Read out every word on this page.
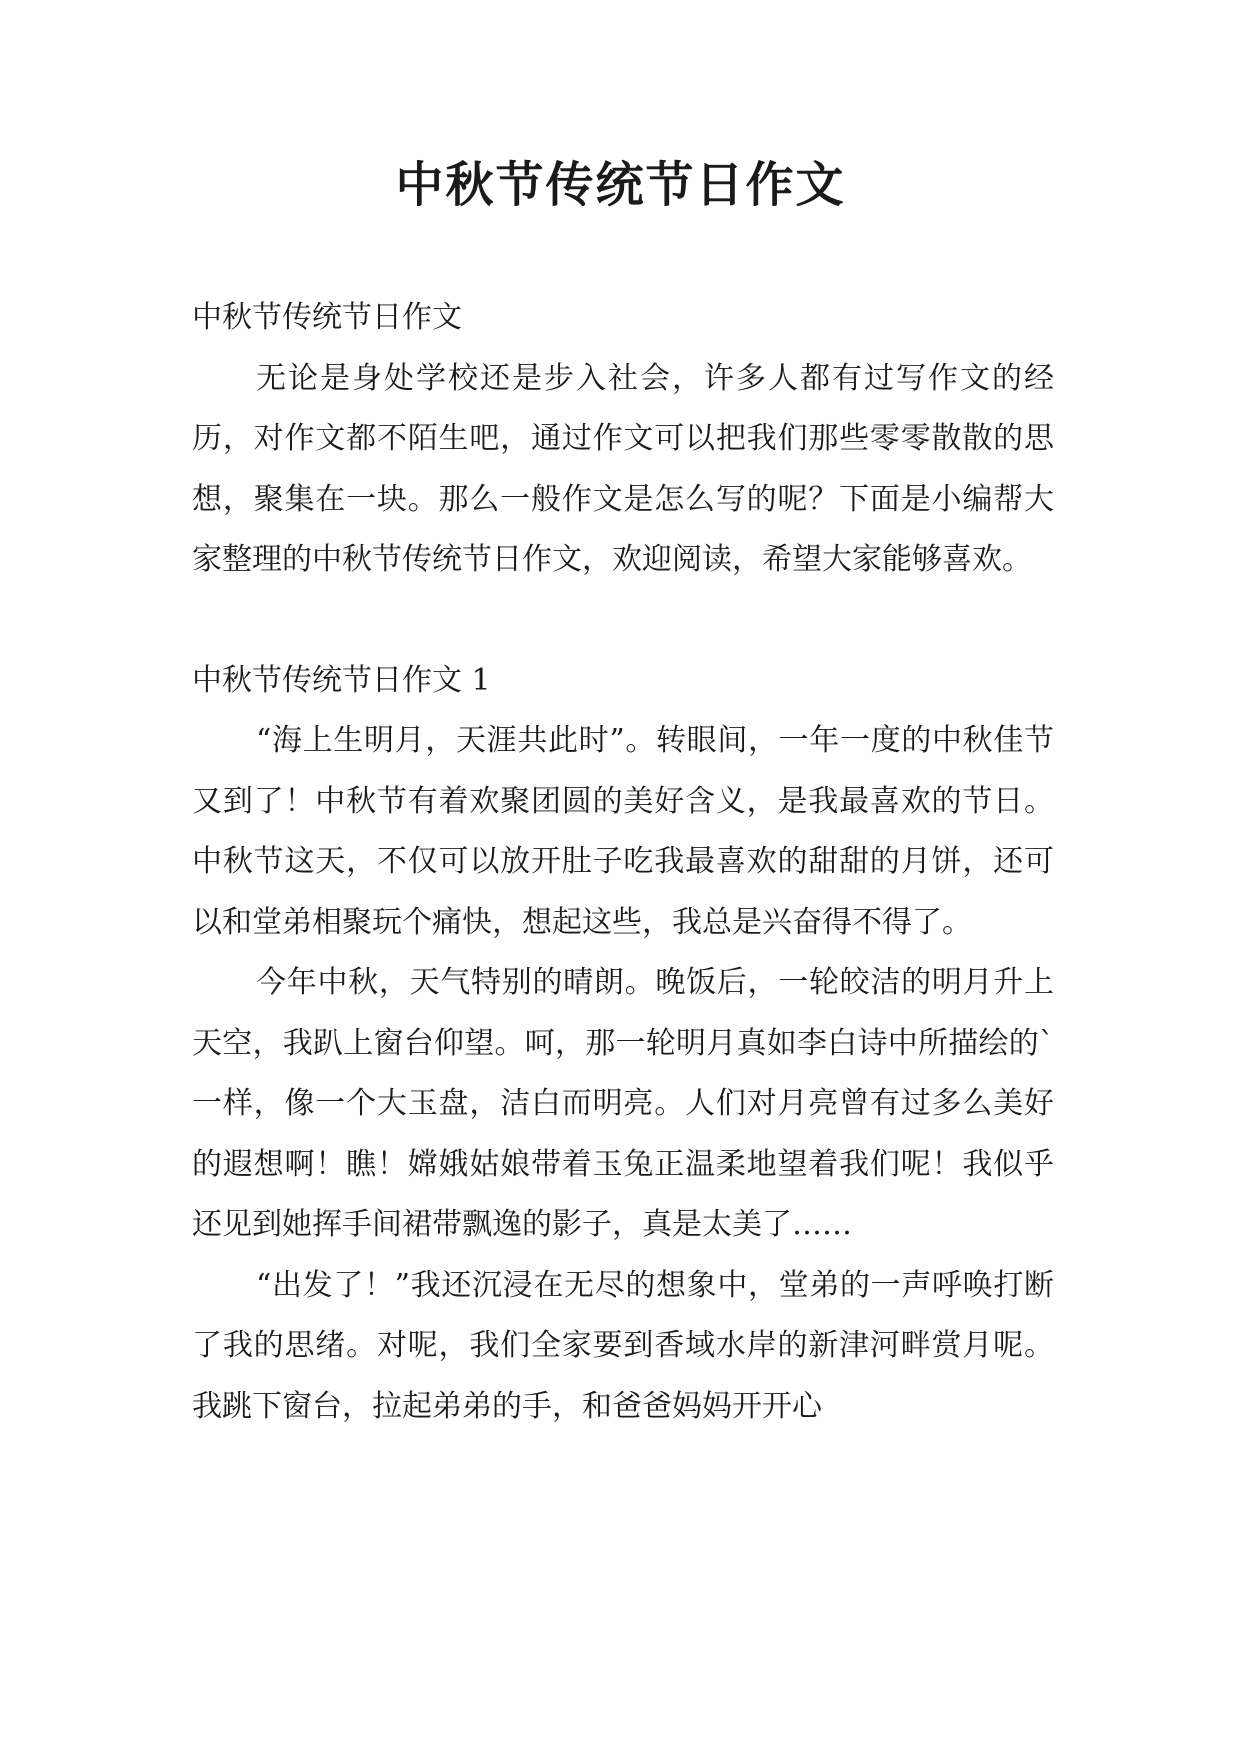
中秋节传统节日作文

中秋节传统节日作文

无论是身处学校还是步入社会，许多人都有过写作文的经历，对作文都不陌生吧，通过作文可以把我们那些零零散散的思想，聚集在一块。那么一般作文是怎么写的呢？下面是小编帮大家整理的中秋节传统节日作文，欢迎阅读，希望大家能够喜欢。

中秋节传统节日作文 1

“海上生明月，天涯共此时”。转眼间，一年一度的中秋佳节又到了！中秋节有着欢聚团圆的美好含义，是我最喜欢的节日。中秋节这天，不仅可以放开肚子吃我最喜欢的甜甜的月饼，还可以和堂弟相聚玩个痛快，想起这些，我总是兴奋得不得了。

今年中秋，天气特别的晴朗。晚饭后，一轮皎洁的明月升上天空，我趴上窗台仰望。呵，那一轮明月真如李白诗中所描绘的`一样，像一个大玉盘，洁白而明亮。人们对月亮曾有过多么美好的遐想啊！瞧！嫦娥姑娘带着玉兔正温柔地望着我们呢！我似乎还见到她挥手间裙带飘逸的影子，真是太美了……

“出发了！”我还沉浸在无尽的想象中，堂弟的一声呼唤打断了我的思绪。对呢，我们全家要到香域水岸的新津河畔赏月呢。我跳下窗台，拉起弟弟的手，和爸爸妈妈开开心
